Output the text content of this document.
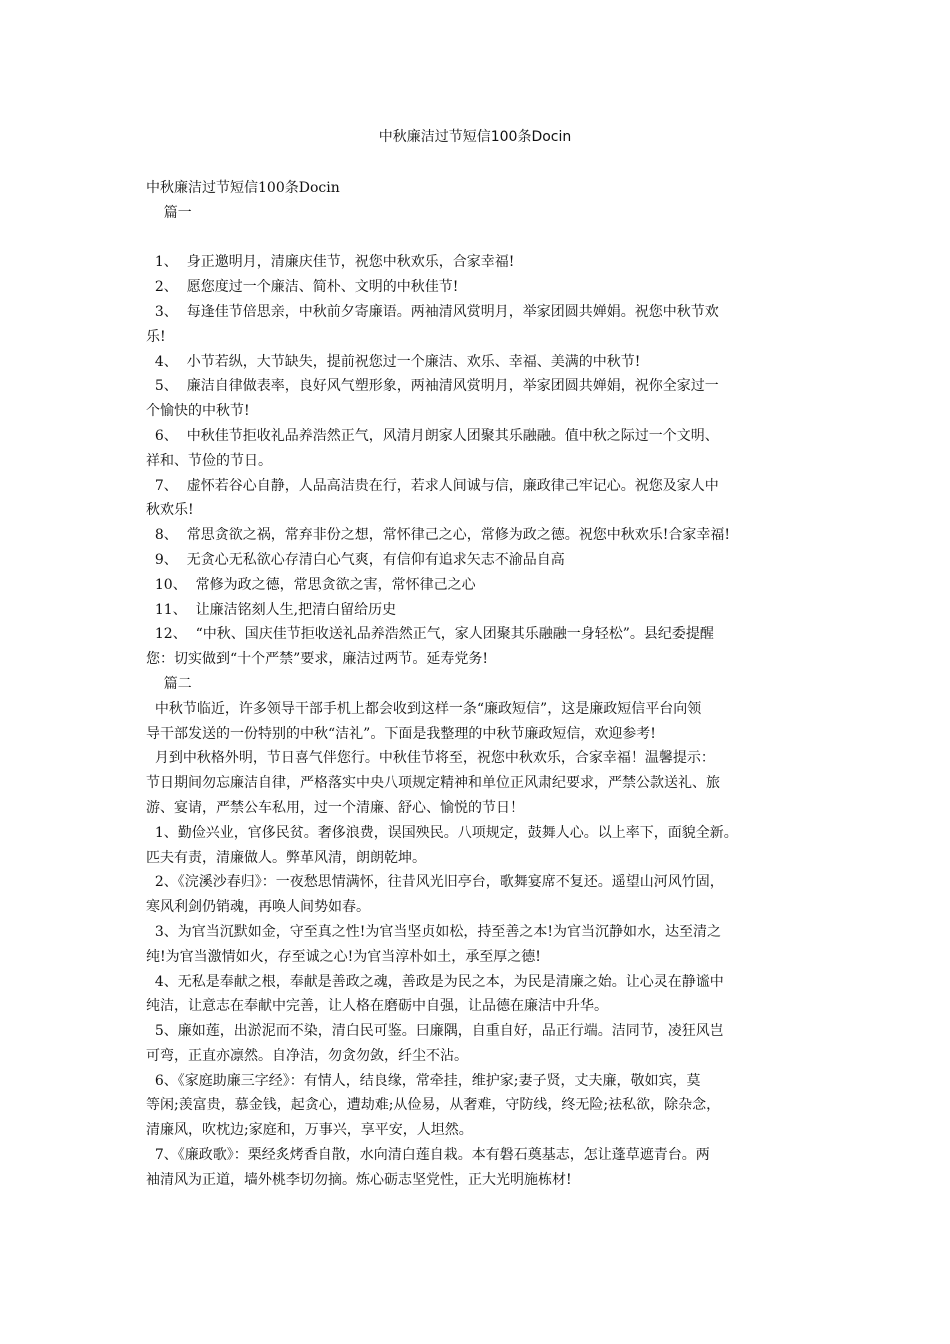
中秋廉洁过节短信100条Docin
中秋廉洁过节短信100条Docin
篇一
1、  身正邀明月，清廉庆佳节，祝您中秋欢乐，合家幸福!
2、  愿您度过一个廉洁、简朴、文明的中秋佳节!
3、  每逢佳节倍思亲，中秋前夕寄廉语。两袖清风赏明月，举家团圆共婵娟。祝您中秋节欢
乐!
4、  小节若纵，大节缺失，提前祝您过一个廉洁、欢乐、幸福、美满的中秋节!
5、  廉洁自律做表率，良好风气塑形象，两袖清风赏明月，举家团圆共婵娟，祝你全家过一
个愉快的中秋节!
6、  中秋佳节拒收礼品养浩然正气，风清月朗家人团聚其乐融融。值中秋之际过一个文明、
祥和、节俭的节日。
7、  虚怀若谷心自静，人品高洁贵在行，若求人间诚与信，廉政律己牢记心。祝您及家人中
秋欢乐!
8、  常思贪欲之祸，常弃非份之想，常怀律己之心，常修为政之德。祝您中秋欢乐!合家幸福!
9、  无贪心无私欲心存清白心气爽，有信仰有追求矢志不渝品自高
10、  常修为政之德，常思贪欲之害，常怀律己之心
11、  让廉洁铭刻人生,把清白留给历史
12、  “中秋、国庆佳节拒收送礼品养浩然正气，家人团聚其乐融融一身轻松”。县纪委提醒
您：切实做到“十个严禁”要求，廉洁过两节。延寿党务!
篇二
中秋节临近，许多领导干部手机上都会收到这样一条“廉政短信”，这是廉政短信平台向领
导干部发送的一份特别的中秋“洁礼”。下面是我整理的中秋节廉政短信，欢迎参考!
月到中秋格外明，节日喜气伴您行。中秋佳节将至，祝您中秋欢乐，合家幸福！温馨提示：
节日期间勿忘廉洁自律，严格落实中央八项规定精神和单位正风肃纪要求，严禁公款送礼、旅
游、宴请，严禁公车私用，过一个清廉、舒心、愉悦的节日！
1、勤俭兴业，官侈民贫。奢侈浪费，误国殃民。八项规定，鼓舞人心。以上率下，面貌全新。
匹夫有责，清廉做人。弊革风清，朗朗乾坤。
2、《浣溪沙春归》：一夜愁思情满怀，往昔风光旧亭台，歌舞宴席不复还。遥望山河风竹固，
寒风利剑仍销魂，再唤人间势如春。
3、为官当沉默如金，守至真之性!为官当坚贞如松，持至善之本!为官当沉静如水，达至清之
纯!为官当激情如火，存至诚之心!为官当淳朴如土，承至厚之德!
4、无私是奉献之根，奉献是善政之魂，善政是为民之本，为民是清廉之始。让心灵在静谧中
纯洁，让意志在奉献中完善，让人格在磨砺中自强，让品德在廉洁中升华。
5、廉如莲，出淤泥而不染，清白民可鉴。曰廉隅，自重自好，品正行端。洁同节，凌狂风岂
可弯，正直亦凛然。自净洁，勿贪勿敛，纤尘不沾。
6、《家庭助廉三字经》：有情人，结良缘，常牵挂，维护家;妻子贤，丈夫廉，敬如宾，莫
等闲;羡富贵，慕金钱，起贪心，遭劫难;从俭易，从奢难，守防线，终无险;祛私欲，除杂念，
清廉风，吹枕边;家庭和，万事兴，享平安，人坦然。
7、《廉政歌》：栗经炙烤香自散，水向清白莲自栽。本有磐石奠基志，怎让蓬草遮青台。两
袖清风为正道，墙外桃李切勿摘。炼心砺志坚党性，正大光明施栋材!
